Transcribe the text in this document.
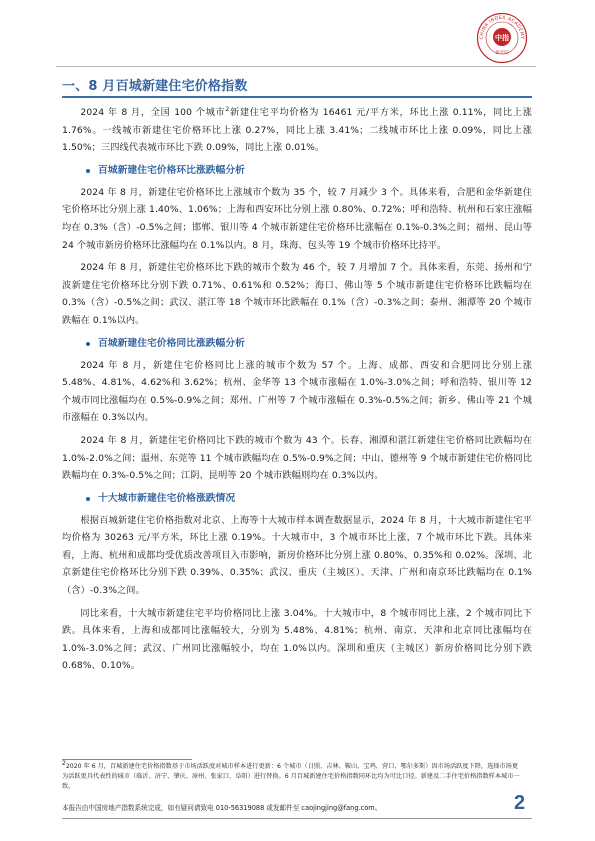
CHINA INDEX ACADEMY
中指
研究院
一、8 月百城新建住宅价格指数

2024 年 8 月，全国 100 个城市$^2$新建住宅平均价格为 16461 元/平方米，环比上涨 0.11%，同比上涨 1.76%。一线城市新建住宅价格环比上涨 0.27%，同比上涨 3.41%；二线城市环比上涨 0.09%，同比上涨 1.50%；三四线代表城市环比下跌 0.09%，同比上涨 0.01%。

百城新建住宅价格环比涨跌幅分析

2024 年 8 月，新建住宅价格环比上涨城市个数为 35 个，较 7 月减少 3 个。具体来看，合肥和金华新建住宅价格环比分别上涨 1.40%、1.06%；上海和西安环比分别上涨 0.80%、0.72%；呼和浩特、杭州和石家庄涨幅均在 0.3%（含）-0.5%之间；邯郸、银川等 4 个城市新建住宅价格环比涨幅在 0.1%-0.3%之间；福州、昆山等 24 个城市新房价格环比涨幅均在 0.1%以内。8 月，珠海、包头等 19 个城市价格环比持平。

2024 年 8 月，新建住宅价格环比下跌的城市个数为 46 个，较 7 月增加 7 个。具体来看，东莞、扬州和宁波新建住宅价格环比分别下跌 0.71%、0.61%和 0.52%；海口、佛山等 5 个城市新建住宅价格环比跌幅均在 0.3%（含）-0.5%之间；武汉、湛江等 18 个城市环比跌幅在 0.1%（含）-0.3%之间；泰州、湘潭等 20 个城市跌幅在 0.1%以内。

百城新建住宅价格同比涨跌幅分析

2024 年 8 月，新建住宅价格同比上涨的城市个数为 57 个。上海、成都、西安和合肥同比分别上涨 5.48%、4.81%、4.62%和 3.62%；杭州、金华等 13 个城市涨幅在 1.0%-3.0%之间；呼和浩特、银川等 12 个城市同比涨幅均在 0.5%-0.9%之间；郑州、广州等 7 个城市涨幅在 0.3%-0.5%之间；新乡、佛山等 21 个城市涨幅在 0.3%以内。

2024 年 8 月，新建住宅价格同比下跌的城市个数为 43 个。长春、湘潭和湛江新建住宅价格同比跌幅均在 1.0%-2.0%之间；温州、东莞等 11 个城市跌幅均在 0.5%-0.9%之间；中山、德州等 9 个城市新建住宅价格同比跌幅均在 0.3%-0.5%之间；江阴、昆明等 20 个城市跌幅则均在 0.3%以内。

十大城市新建住宅价格涨跌情况

根据百城新建住宅价格指数对北京、上海等十大城市样本调查数据显示，2024 年 8 月，十大城市新建住宅平均价格为 30263 元/平方米，环比上涨 0.19%。十大城市中，3 个城市环比上涨，7 个城市环比下跌。具体来看，上海、杭州和成都均受优质改善项目入市影响，新房价格环比分别上涨 0.80%、0.35%和 0.02%。深圳、北京新建住宅价格环比分别下跌 0.39%、0.35%；武汉、重庆（主城区）、天津、广州和南京环比跌幅均在 0.1%（含）-0.3%之间。

同比来看，十大城市新建住宅平均价格同比上涨 3.04%。十大城市中，8 个城市同比上涨，2 个城市同比下跌。具体来看，上海和成都同比涨幅较大，分别为 5.48%、4.81%；杭州、南京、天津和北京同比涨幅均在 1.0%-3.0%之间；武汉、广州同比涨幅较小，均在 1.0%以内。深圳和重庆（主城区）新房价格同比分别下跌 0.68%、0.10%。

$^2$2020 年 6 月，百城新建住宅价格指数基于市场活跃度对城市样本进行更新：6 个城市（日照、吉林、鞍山、宝鸡、营口、鄂尔多斯）因市场活跃度下降，选择市场更为活跃更具代表性的城市（临沂、济宁、肇庆、漳州、张家口、阜阳）进行替换。6 月百城新建住宅价格指数同环比均为可比口径。新建及二手住宅价格指数样本城市一致。
本报告由中国房地产指数系统完成，如有疑问请致电 010-56319088 或发邮件至 caojingjing@fang.com。	2
